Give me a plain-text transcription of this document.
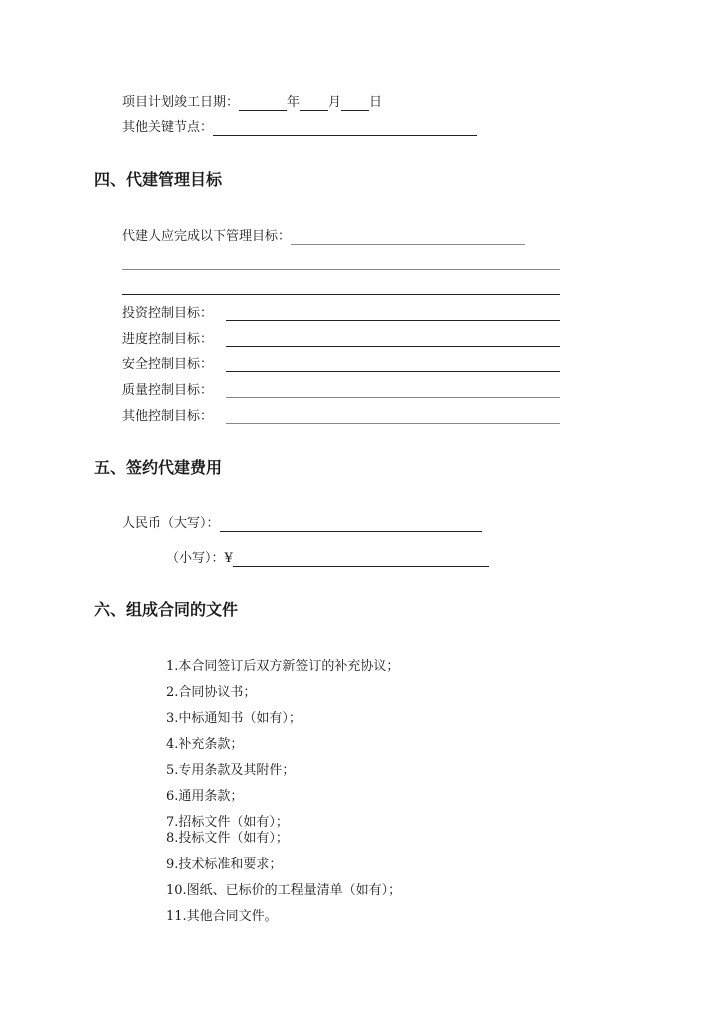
项目计划竣工日期：	年 月 日
其他关键节点：
四、代建管理目标
代建人应完成以下管理目标：
投资控制目标：
进度控制目标：
安全控制目标：
质量控制目标：
其他控制目标：
五、签约代建费用
人民币（大写）：
（小写）：¥
六、组成合同的文件
1.本合同签订后双方新签订的补充协议；
2.合同协议书；
3.中标通知书（如有）；
4.补充条款；
5.专用条款及其附件；
6.通用条款；
7.招标文件（如有）；
8.投标文件（如有）；
9.技术标准和要求；
10.图纸、已标价的工程量清单（如有）；
11.其他合同文件。
